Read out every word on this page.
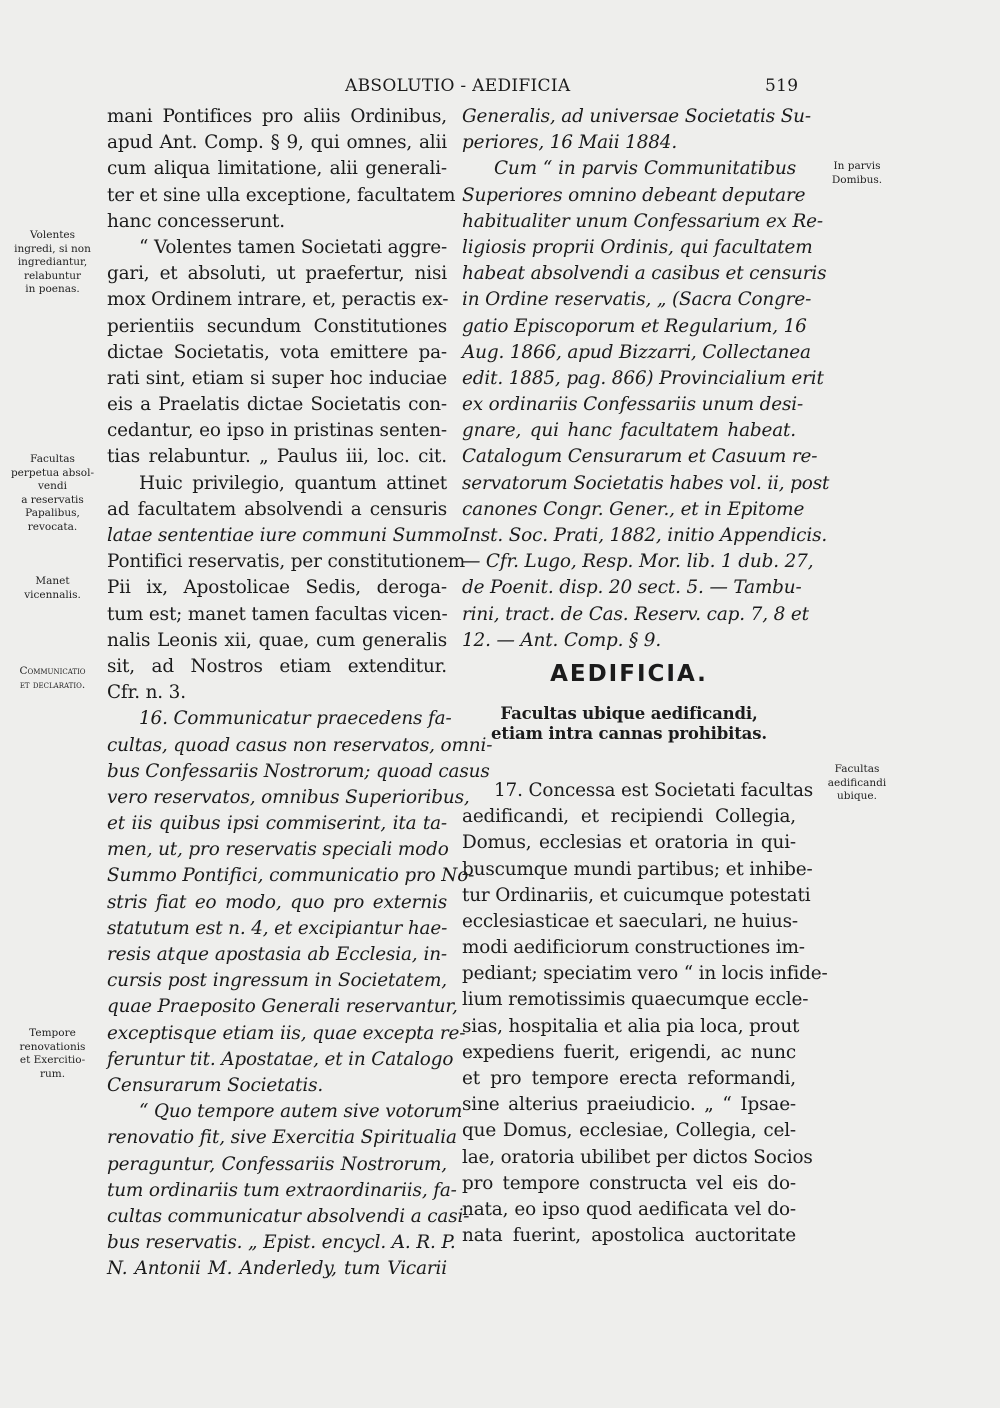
ABSOLUTIO - AEDIFICIA	519
Volentes
ingredi, si non
ingrediantur,
relabuntur
in poenas.
Facultas
perpetua absol-
vendi
a reservatis
Papalibus,
revocata.
Manet
vicennalis.
Communicatio
et declaratio.
Tempore
renovationis
et Exercitio-
rum.
In parvis
Domibus.
Facultas
aedificandi
ubique.
mani Pontifices pro aliis Ordinibus,
apud Ant. Comp. § 9, qui omnes, alii
cum aliqua limitatione, alii generali-
ter et sine ulla exceptione, facultatem
hanc concesserunt.
“ Volentes tamen Societati aggre-
gari, et absoluti, ut praefertur, nisi
mox Ordinem intrare, et, peractis ex-
perientiis secundum Constitutiones
dictae Societatis, vota emittere pa-
rati sint, etiam si super hoc induciae
eis a Praelatis dictae Societatis con-
cedantur, eo ipso in pristinas senten-
tias relabuntur. „ Paulus iii, loc. cit.
Huic privilegio, quantum attinet
ad facultatem absolvendi a censuris
latae sententiae iure communi Summo
Pontifici reservatis, per constitutionem
Pii ix, Apostolicae Sedis, deroga-
tum est; manet tamen facultas vicen-
nalis Leonis xii, quae, cum generalis
sit, ad Nostros etiam extenditur.
Cfr. n. 3.
16. Communicatur praecedens fa-
cultas, quoad casus non reservatos, omni-
bus Confessariis Nostrorum; quoad casus
vero reservatos, omnibus Superioribus,
et iis quibus ipsi commiserint, ita ta-
men, ut, pro reservatis speciali modo
Summo Pontifici, communicatio pro No-
stris fiat eo modo, quo pro externis
statutum est n. 4, et excipiantur hae-
resis atque apostasia ab Ecclesia, in-
cursis post ingressum in Societatem,
quae Praeposito Generali reservantur,
exceptisque etiam iis, quae excepta re-
feruntur tit. Apostatae, et in Catalogo
Censurarum Societatis.
“ Quo tempore autem sive votorum
renovatio fit, sive Exercitia Spiritualia
peraguntur, Confessariis Nostrorum,
tum ordinariis tum extraordinariis, fa-
cultas communicatur absolvendi a casi-
bus reservatis. „ Epist. encycl. A. R. P.
N. Antonii M. Anderledy, tum Vicarii
Generalis, ad universae Societatis Su-
periores, 16 Maii 1884.
Cum “ in parvis Communitatibus
Superiores omnino debeant deputare
habitualiter unum Confessarium ex Re-
ligiosis proprii Ordinis, qui facultatem
habeat absolvendi a casibus et censuris
in Ordine reservatis, „ (Sacra Congre-
gatio Episcoporum et Regularium, 16
Aug. 1866, apud Bizzarri, Collectanea
edit. 1885, pag. 866) Provincialium erit
ex ordinariis Confessariis unum desi-
gnare, qui hanc facultatem habeat.
Catalogum Censurarum et Casuum re-
servatorum Societatis habes vol. ii, post
canones Congr. Gener., et in Epitome
Inst. Soc. Prati, 1882, initio Appendicis.
— Cfr. Lugo, Resp. Mor. lib. 1 dub. 27,
de Poenit. disp. 20 sect. 5. — Tambu-
rini, tract. de Cas. Reserv. cap. 7, 8 et
12. — Ant. Comp. § 9.
AEDIFICIA.
Facultas ubique aedificandi,
etiam intra cannas prohibitas.
17. Concessa est Societati facultas
aedificandi, et recipiendi Collegia,
Domus, ecclesias et oratoria in qui-
buscumque mundi partibus; et inhibe-
tur Ordinariis, et cuicumque potestati
ecclesiasticae et saeculari, ne huius-
modi aedificiorum constructiones im-
pediant; speciatim vero “ in locis infide-
lium remotissimis quaecumque eccle-
sias, hospitalia et alia pia loca, prout
expediens fuerit, erigendi, ac nunc
et pro tempore erecta reformandi,
sine alterius praeiudicio. „ “ Ipsae-
que Domus, ecclesiae, Collegia, cel-
lae, oratoria ubilibet per dictos Socios
pro tempore constructa vel eis do-
nata, eo ipso quod aedificata vel do-
nata fuerint, apostolica auctoritate
